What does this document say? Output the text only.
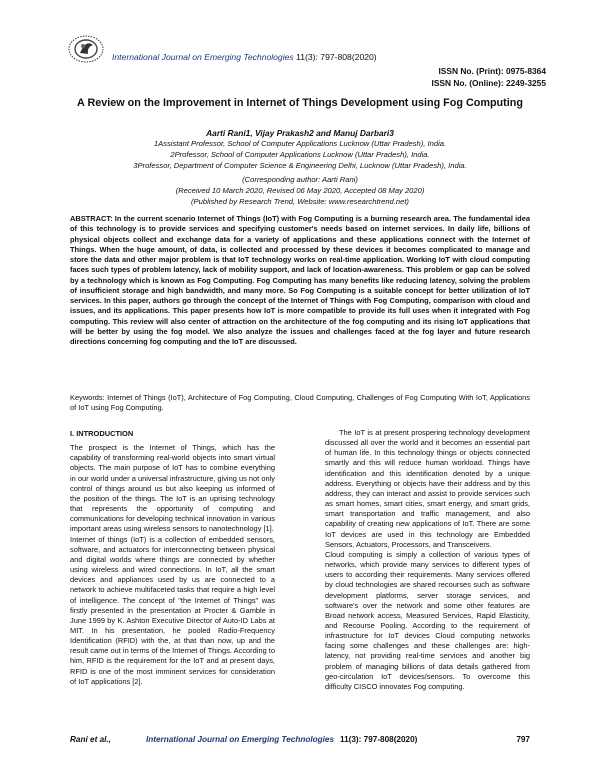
International Journal on Emerging Technologies 11(3): 797-808(2020)
ISSN No. (Print): 0975-8364
ISSN No. (Online): 2249-3255
A Review on the Improvement in Internet of Things Development using Fog Computing
Aarti Rani1, Vijay Prakash2 and Manuj Darbari3
1Assistant Professor, School of Computer Applications Lucknow (Uttar Pradesh), India.
2Professor, School of Computer Applications Lucknow (Uttar Pradesh), India.
3Professor, Department of Computer Science & Engineering Delhi, Lucknow (Uttar Pradesh), India.
(Corresponding author: Aarti Rani)
(Received 10 March 2020, Revised 06 May 2020, Accepted 08 May 2020)
(Published by Research Trend, Website: www.researchtrend.net)
ABSTRACT: In the current scenario Internet of Things (IoT) with Fog Computing is a burning research area. The fundamental idea of this technology is to provide services and specifying customer's needs based on internet services. In daily life, billions of physical objects collect and exchange data for a variety of applications and these applications connect with the Internet of Things. When the huge amount, of data, is collected and processed by these devices it becomes complicated to manage and store the data and other major problem is that IoT technology works on real-time application. Working IoT with cloud computing faces such types of problem latency, lack of mobility support, and lack of location-awareness. This problem or gap can be solved by a technology which is known as Fog Computing. Fog Computing has many benefits like reducing latency, solving the problem of insufficient storage and high bandwidth, and many more. So Fog Computing is a suitable concept for better utilization of IoT services. In this paper, authors go through the concept of the Internet of Things with Fog Computing, comparison with cloud and issues, and its applications. This paper presents how IoT is more compatible to provide its full uses when it integrated with Fog computing. This review will also center of attraction on the architecture of the fog computing and its rising IoT applications that will be better by using the fog model. We also analyze the issues and challenges faced at the fog layer and future research directions concerning fog computing and the IoT are discussed.
Keywords: Internet of Things (IoT), Architecture of Fog Computing, Cloud Computing, Challenges of Fog Computing With IoT, Applications of IoT using Fog Computing.
I. INTRODUCTION

The prospect is the Internet of Things, which has the capability of transforming real-world objects into smart virtual objects. The main purpose of IoT has to combine everything in our world under a universal infrastructure, giving us not only control of things around us but also keeping us informed of the position of the things. The IoT is an uprising technology that represents the opportunity of computing and communications for developing technical innovation in various important areas using wireless sensors to nanotechnology [1].

Internet of things (IoT) is a collection of embedded sensors, software, and actuators for interconnecting between physical and digital worlds where things are connected by whether using wireless and wired connections. In IoT, all the smart devices and appliances used by us are connected to a network to achieve multifaceted tasks that require a high level of intelligence. The concept of "the Internet of Things" was firstly presented in the presentation at Procter & Gamble in June 1999 by K. Ashton Executive Director of Auto-ID Labs at MIT. In his presentation, he pooled Radio-Frequency Identification (RFID) with the, at that than now, up and the result came out in terms of the Internet of Things. According to him, RFID is the requirement for the IoT and at present days, RFID is one of the most imminent services for consideration of IoT applications [2].

The IoT is at present prospering technology development discussed all over the world and it becomes an essential part of human life. In this technology things or objects connected smartly and this will reduce human workload. Things have identification and this identification denoted by a unique address. Everything or objects have their address and by this address, they can interact and assist to provide services such as smart homes, smart cities, smart energy, and smart grids, smart transportation and traffic management, and also capability of creating new applications of IoT. There are some IoT devices are used in this technology are Embedded Sensors, Actuators, Processors, and Transceivers.

Cloud computing is simply a collection of various types of networks, which provide many services to different types of users to according their requirements. Many services offered by cloud technologies are shared recourses such as software development platforms, server storage services, and software's over the network and some other features are Broad network access, Measured Services, Rapid Elasticity, and Recourse Pooling. According to the requirement of infrastructure for IoT devices Cloud computing networks facing some challenges and these challenges are: high-latency, not providing real-time services and another big problem of managing billions of data details gathered from geo-circulation IoT devices/sensors. To overcome this difficulty CISCO innovates Fog computing.

Rani et al.,	International Journal on Emerging Technologies 11(3): 797-808(2020)	797
